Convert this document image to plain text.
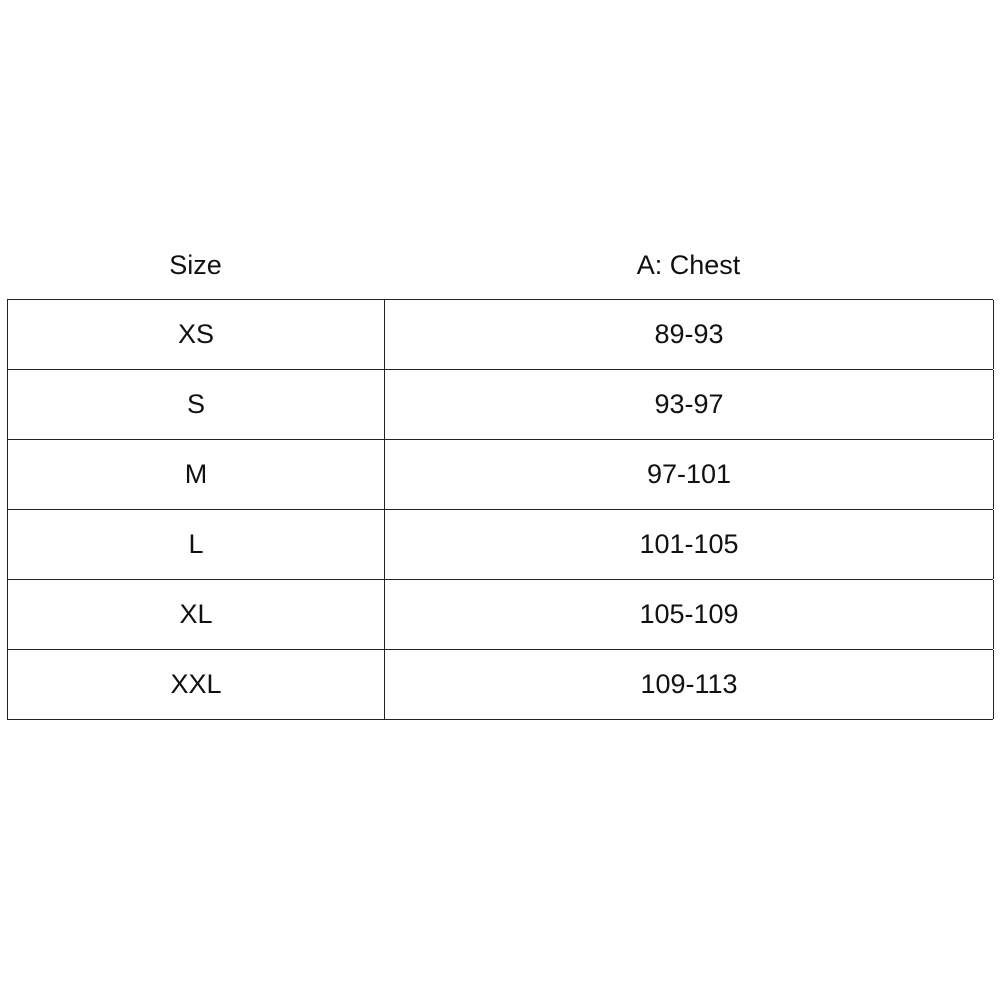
Size	A: Chest
XS	89-93
S	93-97
M	97-101
L	101-105
XL	105-109
XXL	109-113
